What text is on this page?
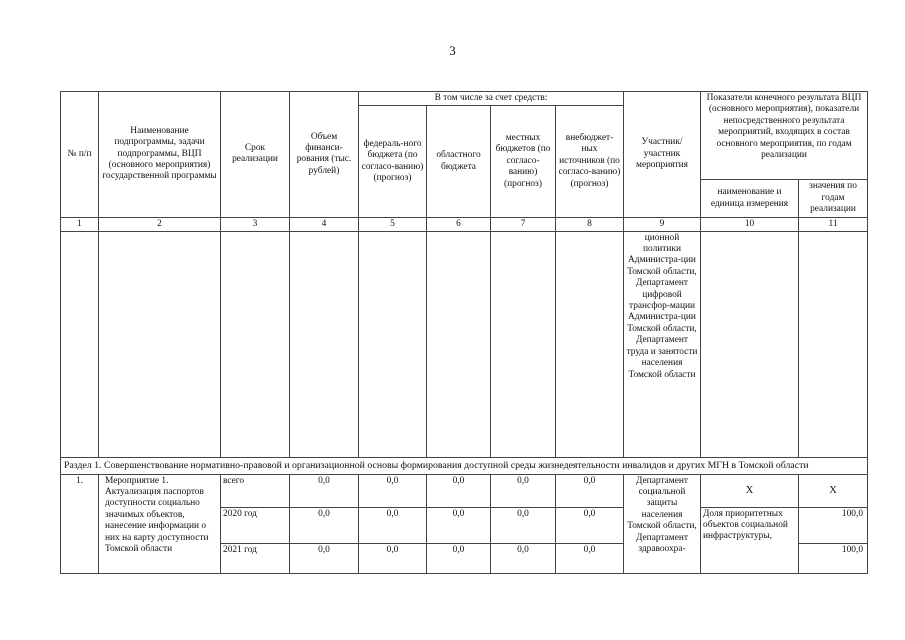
3
№ п/п	Наименование подпрограммы, задачи подпрограммы, ВЦП (основного мероприятия) государственной программы	Срок реализации	Объем финанси-рования (тыс. рублей)	В том числе за счет средств:				Участник/ участник мероприятия	Показатели конечного результата ВЦП (основного мероприятия), показатели непосредственного результата мероприятий, входящих в состав основного мероприятия, по годам реализации	
				федераль-ного бюджета (по согласо-ванию) (прогноз)	областного бюджета	местных бюджетов (по согласо-ванию) (прогноз)	внебюджет-ных источников (по согласо-ванию) (прогноз)			
									наименование и единица измерения	значения по годам реализации
1	2	3	4	5	6	7	8	9	10	11
								ционной политики Администра-ции Томской области, Департамент цифровой трансфор-мации Администра-ции Томской области, Департамент труда и занятости населения Томской области		
Раздел 1. Совершенствование нормативно-правовой и организационной основы формирования доступной среды жизнедеятельности инвалидов и других МГН в Томской области										
1.	Мероприятие 1. Актуализация паспортов доступности социально значимых объектов, нанесение информации о них на карту доступности Томской области	всего	0,0	0,0	0,0	0,0	0,0	Департамент социальной защиты населения Томской области, Департамент здравоохра-	Х	Х
		2020 год	0,0	0,0	0,0	0,0	0,0		Доля приоритетных объектов социальной инфраструктуры,	100,0
		2021 год	0,0	0,0	0,0	0,0	0,0			100,0
